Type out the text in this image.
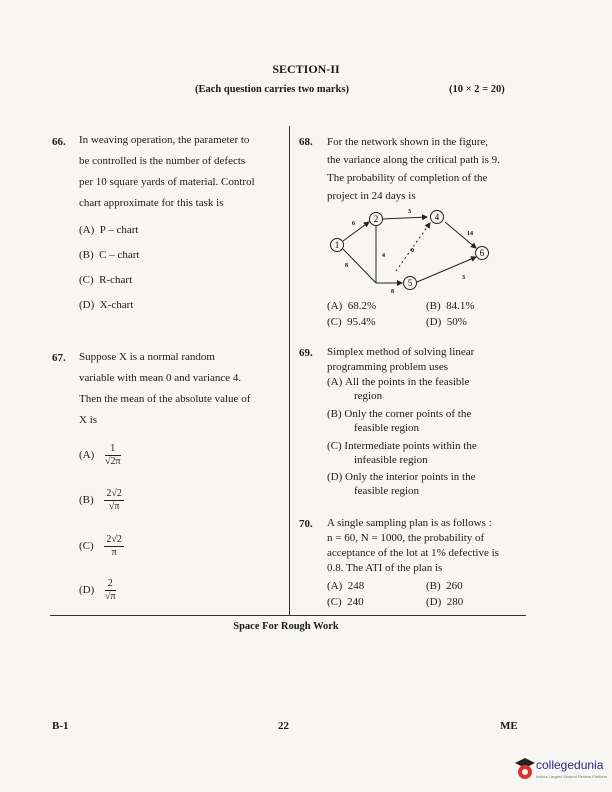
SECTION-II
(Each question carries two marks)	(10 × 2 = 20)
66. In weaving operation, the parameter to
be controlled is the number of defects
per 10 square yards of material. Control
chart approximate for this task is
(A) P – chart
(B) C – chart
(C) R-chart
(D) X-chart
67. Suppose X is a normal random
variable with mean 0 and variance 4.
Then the mean of the absolute value of
X is
$(A) \frac{1}{√2\pi}$
$(B) \frac{2√2}{√\pi}$
$(C) \frac{2√2}{\pi}$
$(D) \frac{2}{√\pi}$
68. For the network shown in the figure,
the variance along the critical path is 9.
The probability of completion of the
project in 24 days is
1
2	4
5
6
6
3
14
8
4
0
8
3
(A) 68.2%	(B) 84.1%
(C) 95.4%	(D) 50%
69. Simplex method of solving linear
programming problem uses
(A) All the points in the feasible
region
(B) Only the corner points of the
feasible region
(C) Intermediate points within the
infeasible region
(D) Only the interior points in the
feasible region
70. A single sampling plan is as follows :
n = 60, N = 1000, the probability of
acceptance of the lot at 1% defective is
0.8. The ATI of the plan is
(A) 248	(B) 260
(C) 240	(D) 280
Space For Rough Work
B-1	22	ME
collegedunia
India's Largest Student Review Platform
